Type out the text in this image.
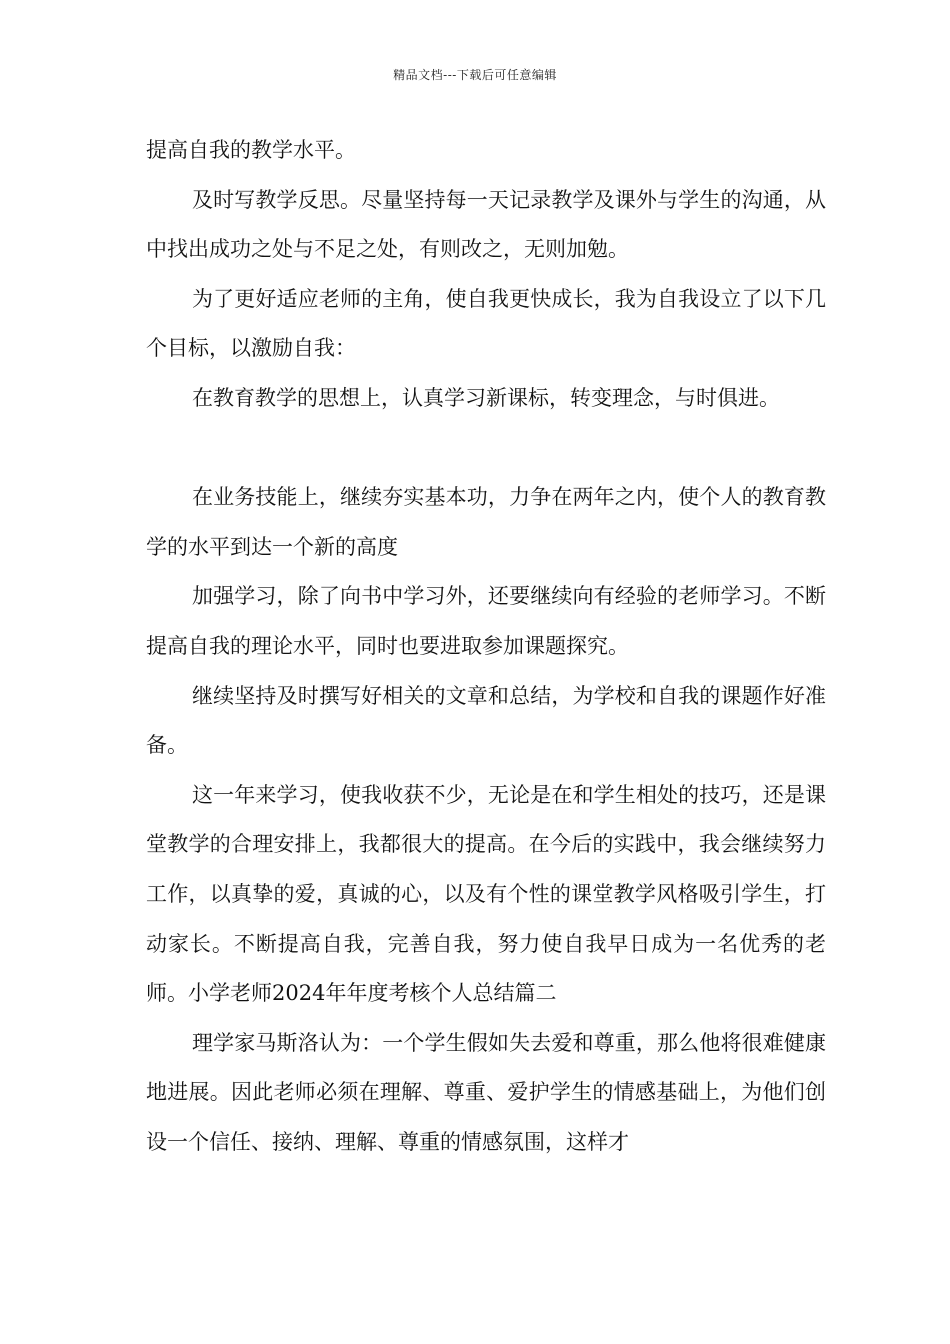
精品文档---下载后可任意编辑

提高自我的教学水平。

及时写教学反思。尽量坚持每一天记录教学及课外与学生的沟通，从中找出成功之处与不足之处，有则改之，无则加勉。

为了更好适应老师的主角，使自我更快成长，我为自我设立了以下几个目标，以激励自我：

在教育教学的思想上，认真学习新课标，转变理念，与时俱进。

在业务技能上，继续夯实基本功，力争在两年之内，使个人的教育教学的水平到达一个新的高度

加强学习，除了向书中学习外，还要继续向有经验的老师学习。不断提高自我的理论水平，同时也要进取参加课题探究。

继续坚持及时撰写好相关的文章和总结，为学校和自我的课题作好准备。

这一年来学习，使我收获不少，无论是在和学生相处的技巧，还是课堂教学的合理安排上，我都很大的提高。在今后的实践中，我会继续努力工作，以真挚的爱，真诚的心，以及有个性的课堂教学风格吸引学生，打动家长。不断提高自我，完善自我，努力使自我早日成为一名优秀的老师。小学老师2024年年度考核个人总结篇二

理学家马斯洛认为：一个学生假如失去爱和尊重，那么他将很难健康地进展。因此老师必须在理解、尊重、爱护学生的情感基础上，为他们创设一个信任、接纳、理解、尊重的情感氛围，这样才
